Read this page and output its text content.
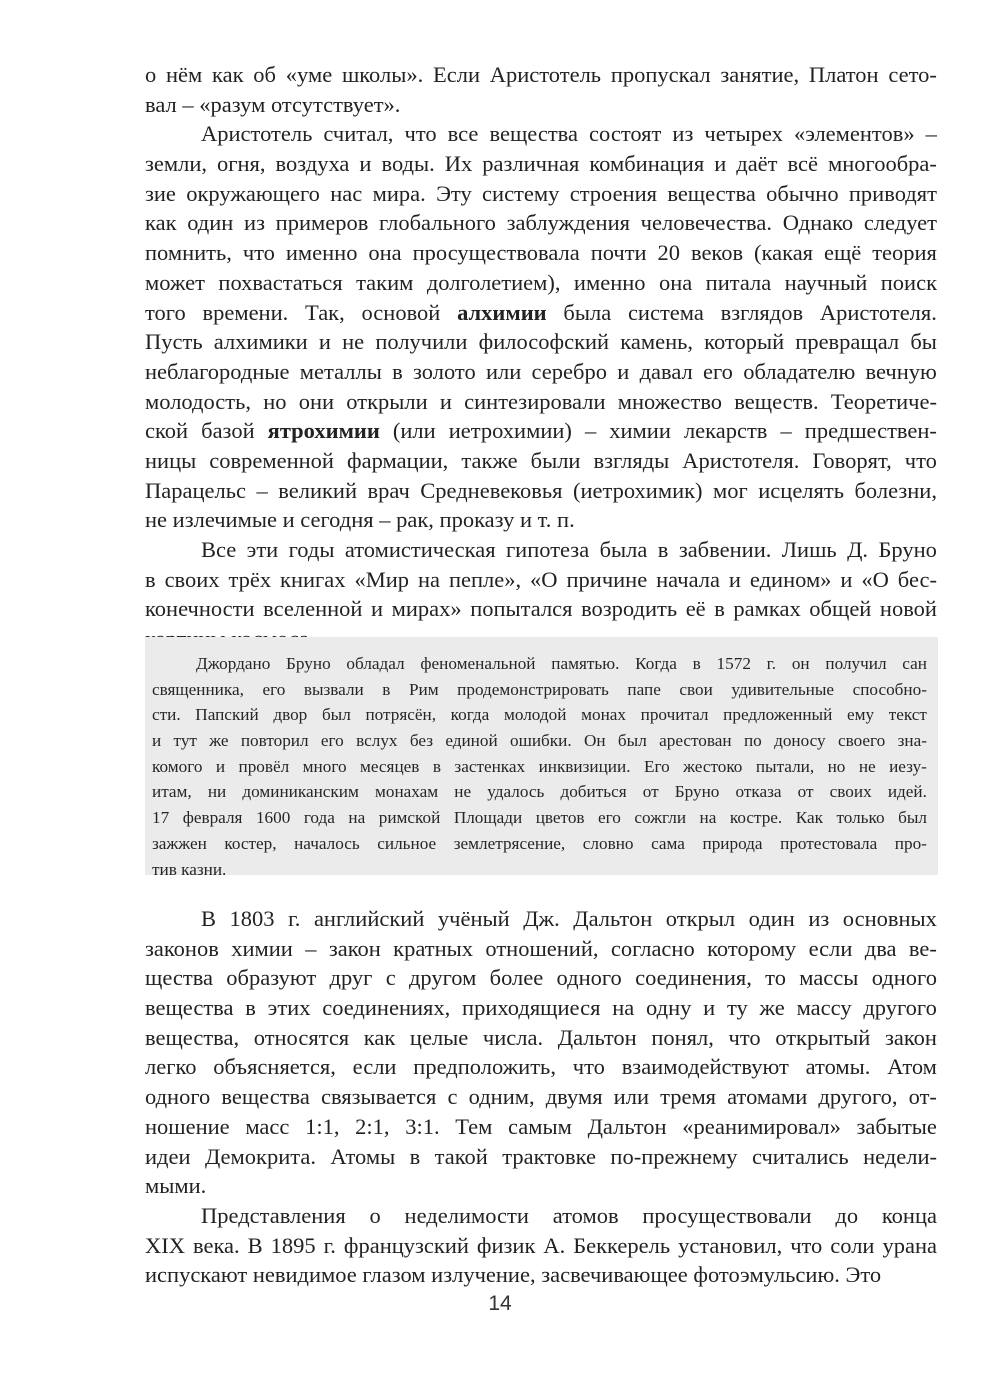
о нём как об «уме школы». Если Аристотель пропускал занятие, Платон сето-
вал
–
«разум
отсутствует».
Аристотель считал, что все вещества состоят из четырех «элементов» –
земли, огня, воздуха и воды. Их различная комбинация и даёт всё многообра-
зие окружающего нас мира. Эту систему строения вещества обычно приводят
как один из примеров глобального заблуждения человечества. Однако следует
помнить, что именно она просуществовала почти 20 веков (какая ещё теория
может похвастаться таким долголетием), именно она питала научный поиск
того времени. Так, основой алхимии была система взглядов Аристотеля.
Пусть алхимики и не получили философский камень, который превращал бы
неблагородные металлы в золото или серебро и давал его обладателю вечную
молодость, но они открыли и синтезировали множество веществ. Теоретиче-
ской базой ятрохимии (или иетрохимии) – химии лекарств – предшествен-
ницы современной фармации, также были взгляды Аристотеля. Говорят, что
Парацельс – великий врач Средневековья (иетрохимик) мог исцелять болезни,
не
излечимые
и
сегодня
–
рак,
проказу
и
т.
п.
Все эти годы атомистическая гипотеза была в забвении. Лишь Д. Бруно
в своих трёх книгах «Мир на пепле», «О причине начала и едином» и «О бес-
конечности вселенной и мирах» попытался возродить её в рамках общей новой

Джордано Бруно обладал феноменальной памятью. Когда в 1572 г. он получил сан
священника, его вызвали в Рим продемонстрировать папе свои удивительные способно-
сти. Папский двор был потрясён, когда молодой монах прочитал предложенный ему текст
и тут же повторил его вслух без единой ошибки. Он был арестован по доносу своего зна-
комого и провёл много месяцев в застенках инквизиции. Его жестоко пытали, но не иезу-
итам, ни доминиканским монахам не удалось добиться от Бруно отказа от своих идей.
17 февраля 1600 года на римской Площади цветов его сожгли на костре. Как только был
зажжен костер, началось сильное землетрясение, словно сама природа протестовала про-
тив
казни.
В 1803 г. английский учёный Дж. Дальтон открыл один из основных
законов химии – закон кратных отношений, согласно которому если два ве-
щества образуют друг с другом более одного соединения, то массы одного
вещества в этих соединениях, приходящиеся на одну и ту же массу другого
вещества, относятся как целые числа. Дальтон понял, что открытый закон
легко объясняется, если предположить, что взаимодействуют атомы. Атом
одного вещества связывается с одним, двумя или тремя атомами другого, от-
ношение масс 1:1, 2:1, 3:1. Тем самым Дальтон «реанимировал» забытые
идеи Демокрита. Атомы в такой трактовке по-прежнему считались недели-
мыми.
Представления о неделимости атомов просуществовали до конца
XIX века. В 1895 г. французский физик А. Беккерель установил, что соли урана
испускают
невидимое
глазом
излучение,
засвечивающее
фотоэмульсию.
Это
14
